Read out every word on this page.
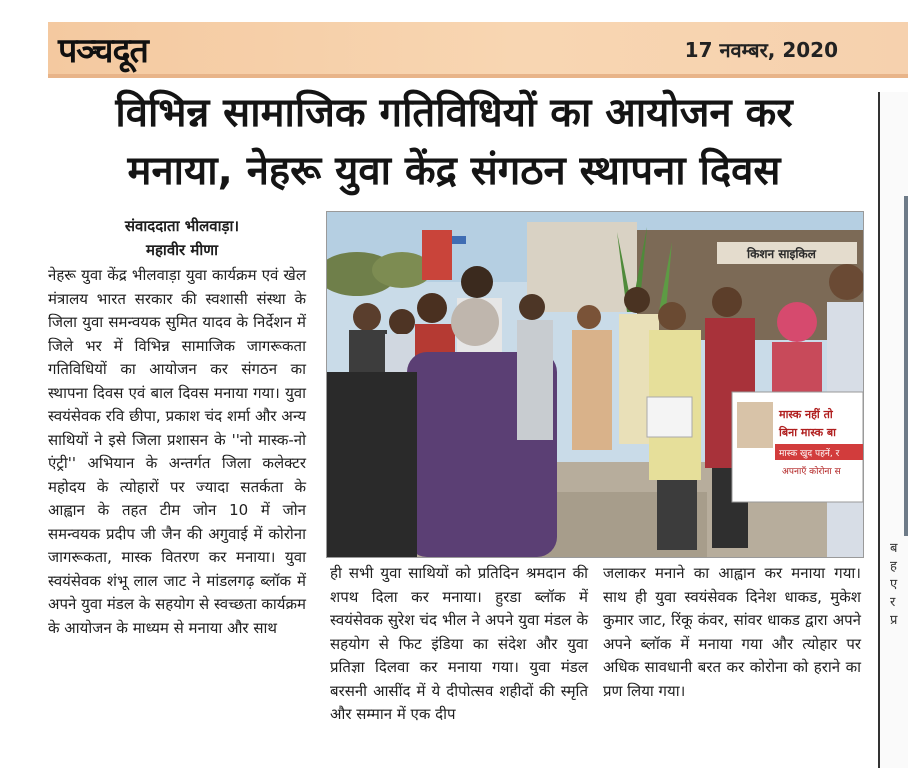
पञ्चदूत	17 नवम्बर, 2020
विभिन्न सामाजिक गतिविधियों का आयोजन कर
मनाया, नेहरू युवा केंद्र संगठन स्थापना दिवस
ब
ह
ए
र
प्र
संवाददाता भीलवाड़ा।
महावीर मीणा
नेहरू युवा केंद्र भीलवाड़ा युवा कार्यक्रम एवं खेल मंत्रालय भारत सरकार की स्वशासी संस्था के जिला युवा समन्वयक सुमित यादव के निर्देशन में जिले भर में विभिन्न सामाजिक जागरूकता गतिविधियों का आयोजन कर संगठन का स्थापना दिवस एवं बाल दिवस मनाया गया। युवा स्वयंसेवक रवि छीपा, प्रकाश चंद शर्मा और अन्य साथियों ने इसे जिला प्रशासन के ''नो मास्क-नो एंट्री'' अभियान के अन्तर्गत जिला कलेक्टर महोदय के त्योहारों पर ज्यादा सतर्कता के आह्वान के तहत टीम जोन 10 में जोन समन्वयक प्रदीप जी जैन की अगुवाई में कोरोना जागरूकता, मास्क वितरण कर मनाया। युवा स्वयंसेवक शंभू लाल जाट ने मांडलगढ़ ब्लॉक में अपने युवा मंडल के सहयोग से स्वच्छता कार्यक्रम के आयोजन के माध्यम से मनाया और साथ
मास्क नहीं तो
बिना मास्क बा
मास्क खुद पहनें, र
अपनाएँ कोरोना स
किशन साइकिल
ही सभी युवा साथियों को प्रतिदिन श्रमदान की शपथ दिला कर मनाया। हुरडा ब्लॉक में स्वयंसेवक सुरेश चंद भील ने अपने युवा मंडल के सहयोग से फिट इंडिया का संदेश और युवा प्रतिज्ञा दिलवा कर मनाया गया। युवा मंडल बरसनी आसींद में ये दीपोत्सव शहीदों की स्मृति और सम्मान में एक दीप
जलाकर मनाने का आह्वान कर मनाया गया। साथ ही युवा स्वयंसेवक दिनेश धाकड, मुकेश कुमार जाट, रिंकू कंवर, सांवर धाकड द्वारा अपने अपने ब्लॉक में मनाया गया और त्योहार पर अधिक सावधानी बरत कर कोरोना को हराने का प्रण लिया गया।
